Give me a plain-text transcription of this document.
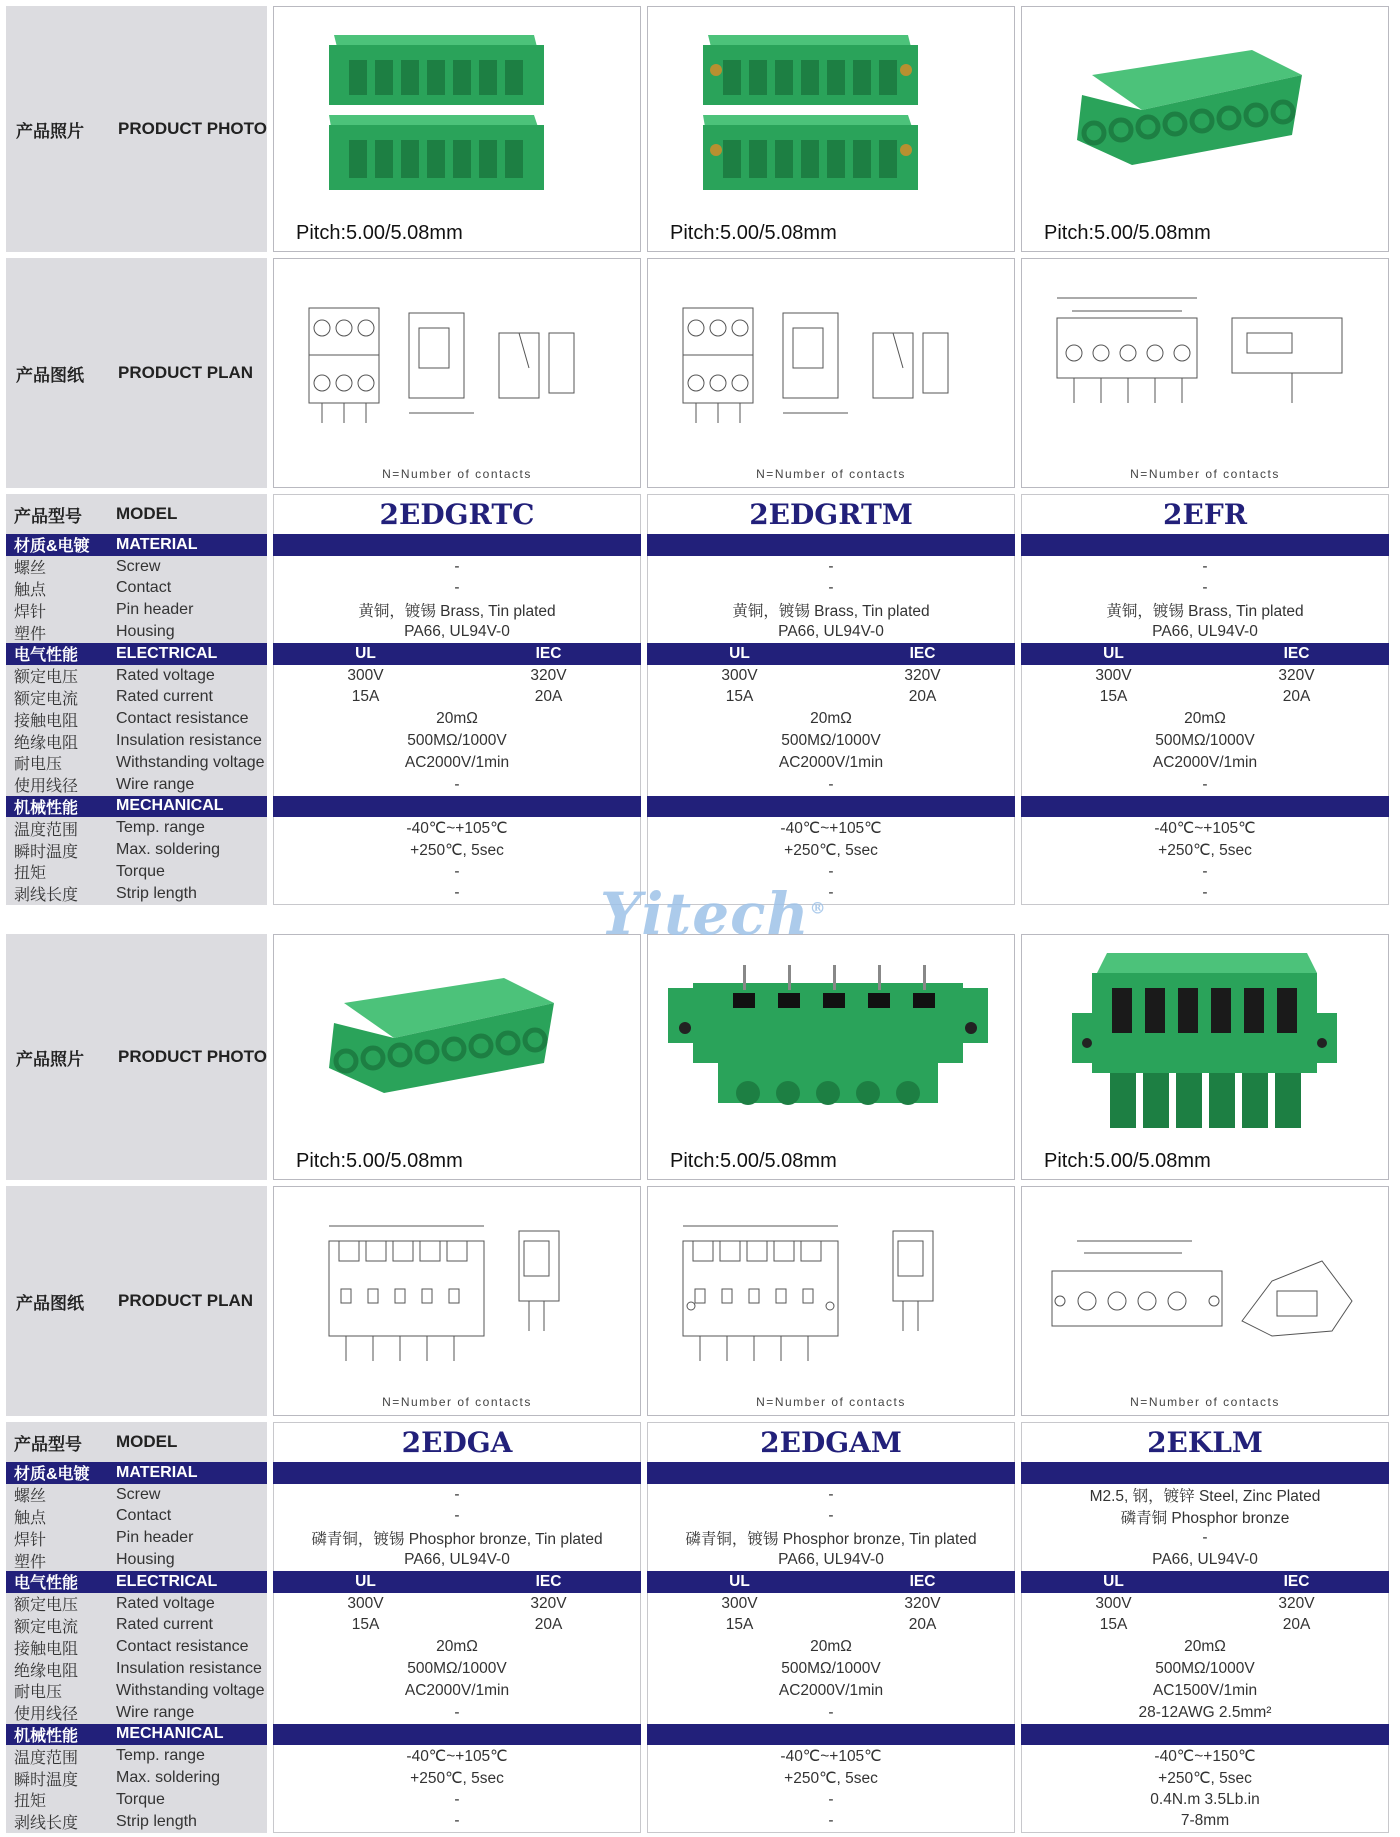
产品照片	PRODUCT PHOTO
Pitch:5.00/5.08mm	Pitch:5.00/5.08mm	Pitch:5.00/5.08mm
产品图纸	PRODUCT PLAN
N=Number of contacts	N=Number of contacts	N=Number of contacts
产品型号	MODEL	2EDGRTC	2EDGRTM	2EFR
材质&电镀	MATERIAL
螺丝	Screw	-	-	-
触点	Contact	-	-	-
焊针	Pin header	黄铜，镀锡 Brass, Tin plated	黄铜，镀锡 Brass, Tin plated	黄铜，镀锡 Brass, Tin plated
塑件	Housing	PA66, UL94V-0	PA66, UL94V-0	PA66, UL94V-0
电气性能	ELECTRICAL	UL	IEC	UL	IEC	UL	IEC
额定电压	Rated voltage	300V	320V	300V	320V	300V	320V
额定电流	Rated current	15A	20A	15A	20A	15A	20A
接触电阻	Contact resistance	20mΩ	20mΩ	20mΩ
绝缘电阻	Insulation resistance	500MΩ/1000V	500MΩ/1000V	500MΩ/1000V
耐电压	Withstanding voltage	AC2000V/1min	AC2000V/1min	AC2000V/1min
使用线径	Wire range	-	-	-
机械性能	MECHANICAL
温度范围	Temp. range	-40℃~+105℃	-40℃~+105℃	-40℃~+105℃
瞬时温度	Max. soldering	+250℃, 5sec	+250℃, 5sec	+250℃, 5sec
扭矩	Torque	-	-	-
剥线长度	Strip length	-	-	-
产品照片	PRODUCT PHOTO
Pitch:5.00/5.08mm	Pitch:5.00/5.08mm	Pitch:5.00/5.08mm
产品图纸	PRODUCT PLAN
N=Number of contacts	N=Number of contacts	N=Number of contacts
产品型号	MODEL	2EDGA	2EDGAM	2EKLM
材质&电镀	MATERIAL
螺丝	Screw	-	-	M2.5, 钢，镀锌 Steel, Zinc Plated
触点	Contact	-	-	磷青铜 Phosphor bronze
焊针	Pin header	磷青铜，镀锡 Phosphor bronze, Tin plated	磷青铜，镀锡 Phosphor bronze, Tin plated	-
塑件	Housing	PA66, UL94V-0	PA66, UL94V-0	PA66, UL94V-0
电气性能	ELECTRICAL	UL	IEC	UL	IEC	UL	IEC
额定电压	Rated voltage	300V	320V	300V	320V	300V	320V
额定电流	Rated current	15A	20A	15A	20A	15A	20A
接触电阻	Contact resistance	20mΩ	20mΩ	20mΩ
绝缘电阻	Insulation resistance	500MΩ/1000V	500MΩ/1000V	500MΩ/1000V
耐电压	Withstanding voltage	AC2000V/1min	AC2000V/1min	AC1500V/1min
使用线径	Wire range	-	-	28-12AWG 2.5mm²
机械性能	MECHANICAL
温度范围	Temp. range	-40℃~+105℃	-40℃~+105℃	-40℃~+150℃
瞬时温度	Max. soldering	+250℃, 5sec	+250℃, 5sec	+250℃, 5sec
扭矩	Torque	-	-	0.4N.m 3.5Lb.in
剥线长度	Strip length	-	-	7-8mm
Yitech®
